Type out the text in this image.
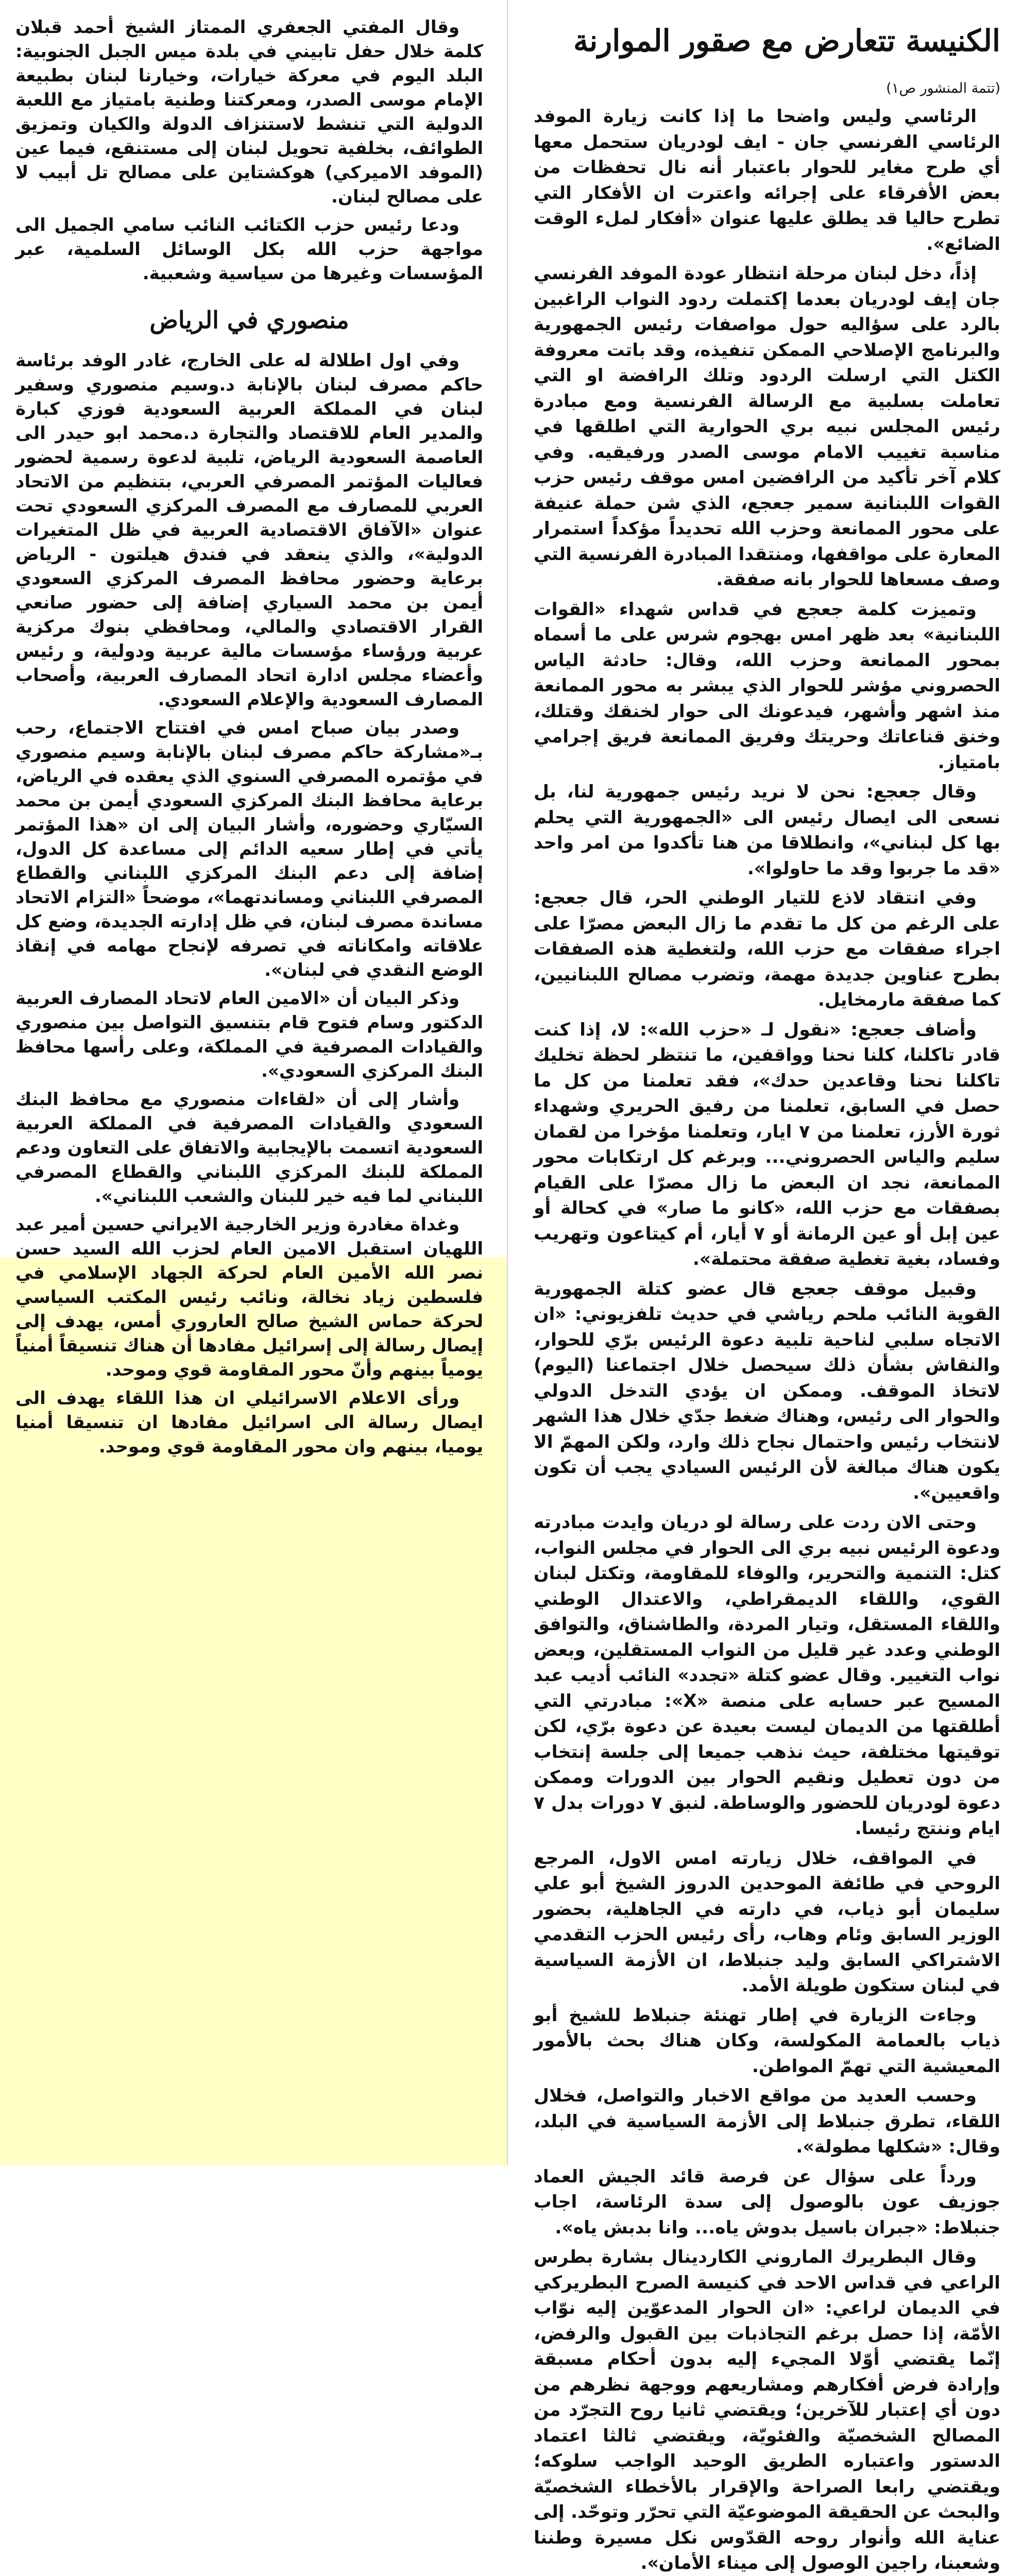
الكنيسة تتعارض مع صقور الموارنة
(تتمة المنشور ص١)

الرئاسي وليس واضحا ما إذا كانت زيارة الموفد الرئاسي الفرنسي جان - ايف لودريان ستحمل معها أي طرح مغاير للحوار باعتبار أنه نال تحفظات من بعض الأفرقاء على إجرائه واعترت ان الأفكار التي تطرح حاليا قد يطلق عليها عنوان «أفكار لملء الوقت الضائع».

إذاً، دخل لبنان مرحلة انتظار عودة الموفد الفرنسي جان إيف لودريان بعدما إكتملت ردود النواب الراغبين بالرد على سؤاليه حول مواصفات رئيس الجمهورية والبرنامج الإصلاحي الممكن تنفيذه، وقد باتت معروفة الكتل التي ارسلت الردود وتلك الرافضة او التي تعاملت بسلبية مع الرسالة الفرنسية ومع مبادرة رئيس المجلس نبيه بري الحوارية التي اطلقها في مناسبة تغييب الامام موسى الصدر ورفيقيه. وفي كلام آخر تأكيد من الرافضين امس موقف رئيس حزب القوات اللبنانية سمير جعجع، الذي شن حملة عنيفة على محور الممانعة وحزب الله تحديداً مؤكداً استمرار المعارة على مواقفها، ومنتقدا المبادرة الفرنسية التي وصف مسعاها للحوار بانه صفقة.

وتميزت كلمة جعجع في قداس شهداء «القوات اللبنانية» بعد ظهر امس بهجوم شرس على ما أسماه بمحور الممانعة وحزب الله، وقال: حادثة الياس الحصروني مؤشر للحوار الذي يبشر به محور الممانعة منذ اشهر وأشهر، فيدعونك الى حوار لخنقك وقتلك، وخنق قناعاتك وحريتك وفريق الممانعة فريق إجرامي بامتياز.

وقال جعجع: نحن لا نريد رئيس جمهورية لنا، بل نسعى الى ايصال رئيس الى «الجمهورية التي يحلم بها كل لبناني»، وانطلاقا من هنا تأكدوا من امر واحد «قد ما جربوا وقد ما حاولوا».

وفي انتقاد لاذع للتيار الوطني الحر، قال جعجع: على الرغم من كل ما تقدم ما زال البعض مصرّا على اجراء صفقات مع حزب الله، ولتغطية هذه الصفقات بطرح عناوين جديدة مهمة، وتضرب مصالح اللبنانيين، كما صفقة مارمخايل.

وأضاف جعجع: «نقول لـ «حزب الله»: لا، إذا كنت قادر تاكلنا، كلنا نحنا وواقفين، ما تنتظر لحظة تخليك تاكلنا نحنا وقاعدين حدك»، فقد تعلمنا من كل ما حصل في السابق، تعلمنا من رفيق الحريري وشهداء ثورة الأرز، تعلمنا من ٧ ايار، وتعلمنا مؤخرا من لقمان سليم والياس الحصروني... وبرغم كل ارتكابات محور الممانعة، نجد ان البعض ما زال مصرّا على القيام بصفقات مع حزب الله، «كانو ما صار» في كحالة أو عين إبل أو عين الرمانة أو ٧ أيار، أم كيتاعون وتهريب وفساد، بغية تغطية صفقة محتملة».

وقبيل موقف جعجع قال عضو كتلة الجمهورية القوية النائب ملحم رياشي في حديث تلفزيوني: «ان الاتجاه سلبي لناحية تلبية دعوة الرئيس برّي للحوار، والنقاش بشأن ذلك سيحصل خلال اجتماعنا (اليوم) لاتخاذ الموقف. وممكن ان يؤدي التدخل الدولي والحوار الى رئيس، وهناك ضغط جدّي خلال هذا الشهر لانتخاب رئيس واحتمال نجاح ذلك وارد، ولكن المهمّ الا يكون هناك مبالغة لأن الرئيس السيادي يجب أن تكون واقعيين».

وحتى الان ردت على رسالة لو دريان وايدت مبادرته ودعوة الرئيس نبيه بري الى الحوار في مجلس النواب، كتل: التنمية والتحرير، والوفاء للمقاومة، وتكتل لبنان القوي، واللقاء الديمقراطي، والاعتدال الوطني واللقاء المستقل، وتيار المردة، والطاشناق، والتوافق الوطني وعدد غير قليل من النواب المستقلين، وبعض نواب التغيير. وقال عضو كتلة «تجدد» النائب أديب عبد المسيح عبر حسابه على منصة «X»: مبادرتي التي أطلقتها من الديمان ليست بعيدة عن دعوة برّي، لكن توقيتها مختلفة، حيث نذهب جميعا إلى جلسة إنتخاب من دون تعطيل ونقيم الحوار بين الدورات وممكن دعوة لودريان للحضور والوساطة. لنبق ٧ دورات بدل ٧ ايام وننتج رئيسا.

في المواقف، خلال زيارته امس الاول، المرجع الروحي في طائفة الموحدين الدروز الشيخ أبو علي سليمان أبو ذياب، في دارته في الجاهلية، بحضور الوزير السابق وئام وهاب، رأى رئيس الحزب التقدمي الاشتراكي السابق وليد جنبلاط، ان الأزمة السياسية في لبنان ستكون طويلة الأمد.

وجاءت الزيارة في إطار تهنئة جنبلاط للشيخ أبو ذياب بالعمامة المكولسة، وكان هناك بحث بالأمور المعيشية التي تهمّ المواطن.

وحسب العديد من مواقع الاخبار والتواصل، فخلال اللقاء، تطرق جنبلاط إلى الأزمة السياسية في البلد، وقال: «شكلها مطولة».

ورداً على سؤال عن فرصة قائد الجيش العماد جوزيف عون بالوصول إلى سدة الرئاسة، اجاب جنبلاط: «جبران باسيل بدوش ياه... وانا بدبش ياه».

وقال البطريرك الماروني الكاردينال بشارة بطرس الراعي في قداس الاحد في كنيسة الصرح البطريركي في الديمان لراعي: «ان الحوار المدعوّين إليه نوّاب الأمّة، إذا حصل برغم التجاذبات بين القبول والرفض، إنّما يقتضي أوّلا المجيء إليه بدون أحكام مسبقة وإرادة فرض أفكارهم ومشاريعهم ووجهة نظرهم من دون أي إعتبار للآخرين؛ ويقتضي ثانيا روح التجرّد من المصالح الشخصيّة والفئويّة، ويقتضي ثالثا اعتماد الدستور واعتباره الطريق الوحيد الواجب سلوكه؛ ويقتضي رابعا الصراحة والإقرار بالأخطاء الشخصيّة والبحث عن الحقيقة الموضوعيّة التي تحرّر وتوحّد. إلى عناية الله وأنوار روحه القدّوس نكل مسيرة وطننا وشعبنا، راجين الوصول إلى ميناء الأمان».

وقال المفتي الجعفري الممتاز الشيخ أحمد قبلان كلمة خلال حفل تابيني في بلدة ميس الجبل الجنوبية: البلد اليوم في معركة خيارات، وخيارنا لبنان بطبيعة الإمام موسى الصدر، ومعركتنا وطنية بامتياز مع اللعبة الدولية التي تنشط لاستنزاف الدولة والكيان وتمزيق الطوائف، بخلفية تحويل لبنان إلى مستنقع، فيما عين (الموفد الاميركي) هوكشتاين على مصالح تل أبيب لا على مصالح لبنان.

ودعا رئيس حزب الكتائب النائب سامي الجميل الى مواجهة حزب الله بكل الوسائل السلمية، عبر المؤسسات وغيرها من سياسية وشعبية.

منصوري في الرياض

وفي اول اطلالة له على الخارج، غادر الوفد برئاسة حاكم مصرف لبنان بالإنابة د.وسيم منصوري وسفير لبنان في المملكة العربية السعودية فوزي كبارة والمدير العام للاقتصاد والتجارة د.محمد ابو حيدر الى العاصمة السعودية الرياض، تلبية لدعوة رسمية لحضور فعاليات المؤتمر المصرفي العربي، بتنظيم من الاتحاد العربي للمصارف مع المصرف المركزي السعودي تحت عنوان «الآفاق الاقتصادية العربية في ظل المتغيرات الدولية»، والذي ينعقد في فندق هيلتون - الرياض برعاية وحضور محافظ المصرف المركزي السعودي أيمن بن محمد السياري إضافة إلى حضور صانعي القرار الاقتصادي والمالي، ومحافظي بنوك مركزية عربية ورؤساء مؤسسات مالية عربية ودولية، و رئيس وأعضاء مجلس ادارة اتحاد المصارف العربية، وأصحاب المصارف السعودية والإعلام السعودي.

وصدر بيان صباح امس في افتتاح الاجتماع، رحب بـ«مشاركة حاكم مصرف لبنان بالإنابة وسيم منصوري في مؤتمره المصرفي السنوي الذي يعقده في الرياض، برعاية محافظ البنك المركزي السعودي أيمن بن محمد السيّاري وحضوره، وأشار البيان إلى ان «هذا المؤتمر يأتي في إطار سعيه الدائم إلى مساعدة كل الدول، إضافة إلى دعم البنك المركزي اللبناني والقطاع المصرفي اللبناني ومساندتهما»، موضحاً «التزام الاتحاد مساندة مصرف لبنان، في ظل إدارته الجديدة، وضع كل علاقاته وامكاناته في تصرفه لإنجاح مهامه في إنقاذ الوضع النقدي في لبنان».

وذكر البيان أن «الامين العام لاتحاد المصارف العربية الدكتور وسام فتوح قام بتنسيق التواصل بين منصوري والقيادات المصرفية في المملكة، وعلى رأسها محافظ البنك المركزي السعودي».

وأشار إلى أن «لقاءات منصوري مع محافظ البنك السعودي والقيادات المصرفية في المملكة العربية السعودية اتسمت بالإيجابية والاتفاق على التعاون ودعم المملكة للبنك المركزي اللبناني والقطاع المصرفي اللبناني لما فيه خير للبنان والشعب اللبناني».

وغداة مغادرة وزير الخارجية الايراني حسين أمير عبد اللهيان استقبل الامين العام لحزب الله السيد حسن نصر الله الأمين العام لحركة الجهاد الإسلامي في فلسطين زياد نخالة، ونائب رئيس المكتب السياسي لحركة حماس الشيخ صالح العاروري أمس، يهدف إلى إيصال رسالة إلى إسرائيل مفادها أن هناك تنسيقاً أمنياً يومياً بينهم وأنّ محور المقاومة قوي وموحد.

ورأى الاعلام الاسرائيلي ان هذا اللقاء يهدف الى ايصال رسالة الى اسرائيل مفادها ان تنسيقا أمنيا يوميا، بينهم وان محور المقاومة قوي وموحد.
